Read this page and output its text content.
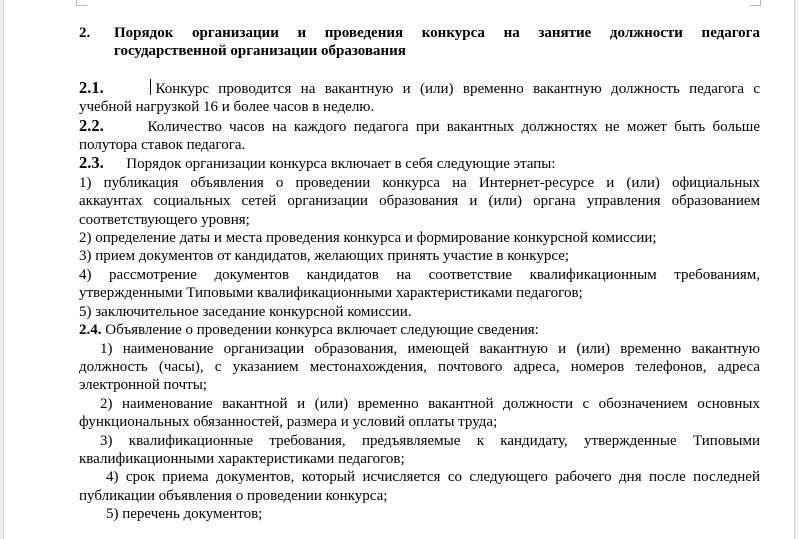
2. Порядок организации и проведения конкурса на занятие должности педагога
государственной организации образования
2.1.	Конкурс проводится на вакантную и (или) временно вакантную должность педагога с
учебной нагрузкой 16 и более часов в неделю.
2.2.	Количество часов на каждого педагога при вакантных должностях не может быть больше
полутора ставок педагога.
2.3. Порядок организации конкурса включает в себя следующие этапы:
1) публикация объявления о проведении конкурса на Интернет-ресурсе и (или) официальных
аккаунтах социальных сетей организации образования и (или) органа управления образованием
соответствующего уровня;
2) определение даты и места проведения конкурса и формирование конкурсной комиссии;
3) прием документов от кандидатов, желающих принять участие в конкурсе;
4) рассмотрение документов кандидатов на соответствие квалификационным требованиям,
утвержденными Типовыми квалификационными характеристиками педагогов;
5) заключительное заседание конкурсной комиссии.
2.4. Объявление о проведении конкурса включает следующие сведения:
1) наименование организации образования, имеющей вакантную и (или) временно вакантную
должность (часы), с указанием местонахождения, почтового адреса, номеров телефонов, адреса
электронной почты;
2) наименование вакантной и (или) временно вакантной должности с обозначением основных
функциональных обязанностей, размера и условий оплаты труда;
3) квалификационные требования, предъявляемые к кандидату, утвержденные Типовыми
квалификационными характеристиками педагогов;
4) срок приема документов, который исчисляется со следующего рабочего дня после последней
публикации объявления о проведении конкурса;
5) перечень документов;
